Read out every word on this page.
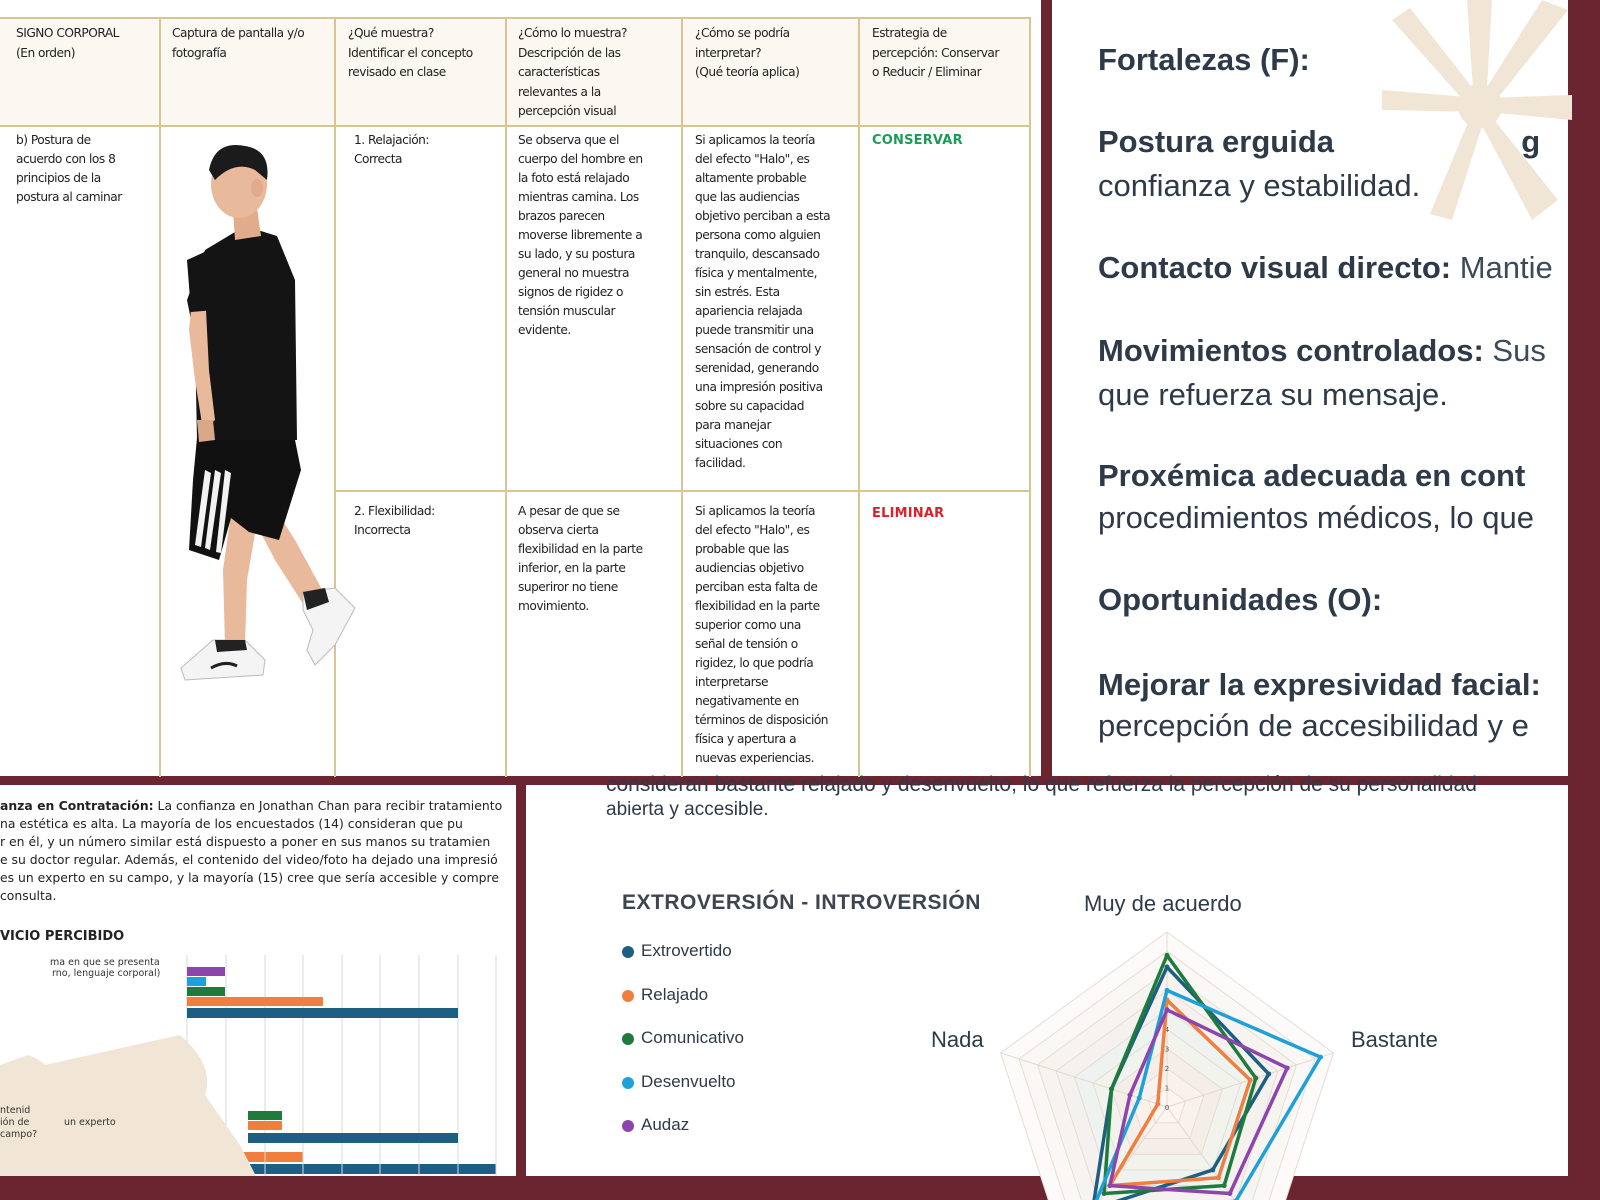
SIGNO CORPORAL
(En orden)
Captura de pantalla y/o
fotografía
¿Qué muestra?
Identificar el concepto
revisado en clase
¿Cómo lo muestra?
Descripción de las
características
relevantes a la
percepción visual
¿Cómo se podría
interpretar?
(Qué teoría aplica)
Estrategia de
percepción: Conservar
o Reducir / Eliminar
b) Postura de
acuerdo con los 8
principios de la
postura al caminar
1. Relajación:
Correcta
Se observa que el
cuerpo del hombre en
la foto está relajado
mientras camina. Los
brazos parecen
moverse libremente a
su lado, y su postura
general no muestra
signos de rigidez o
tensión muscular
evidente.
Si aplicamos la teoría
del efecto "Halo", es
altamente probable
que las audiencias
objetivo perciban a esta
persona como alguien
tranquilo, descansado
física y mentalmente,
sin estrés. Esta
apariencia relajada
puede transmitir una
sensación de control y
serenidad, generando
una impresión positiva
sobre su capacidad
para manejar
situaciones con
facilidad.
CONSERVAR
2. Flexibilidad:
Incorrecta
A pesar de que se
observa cierta
flexibilidad en la parte
inferior, en la parte
superiror no tiene
movimiento.
Si aplicamos la teoría
del efecto "Halo", es
probable que las
audiencias objetivo
perciban esta falta de
flexibilidad en la parte
superior como una
señal de tensión o
rigidez, lo que podría
interpretarse
negativamente en
términos de disposición
física y apertura a
nuevas experiencias.
ELIMINAR
Fortalezas (F):
Postura erguida	g
confianza y estabilidad.
Contacto visual directo: Mantie
Movimientos controlados: Sus
que refuerza su mensaje.
Proxémica adecuada en cont
procedimientos médicos, lo que
Oportunidades (O):
Mejorar la expresividad facial:
percepción de accesibilidad y e
anza en Contratación: La confianza en Jonathan Chan para recibir tratamiento
na estética es alta. La mayoría de los encuestados (14) consideran que pu
r en él, y un número similar está dispuesto a poner en sus manos su tratamien
e su doctor regular. Además, el contenido del video/foto ha dejado una impresió
es un experto en su campo, y la mayoría (15) cree que sería accesible y compre
consulta.
VICIO PERCIBIDO
ma en que se presenta
rno, lenguaje corporal)
ntenid
ión de	un experto
campo?
consideran bastante relajado y desenvuelto, lo que refuerza la percepción de su personalidad
abierta y accesible.
EXTROVERSIÓN - INTROVERSIÓN
Extrovertido
Relajado
Comunicativo
Desenvuelto
Audaz
0
1
2
3
4
Muy de acuerdo
Bastante
Nada
